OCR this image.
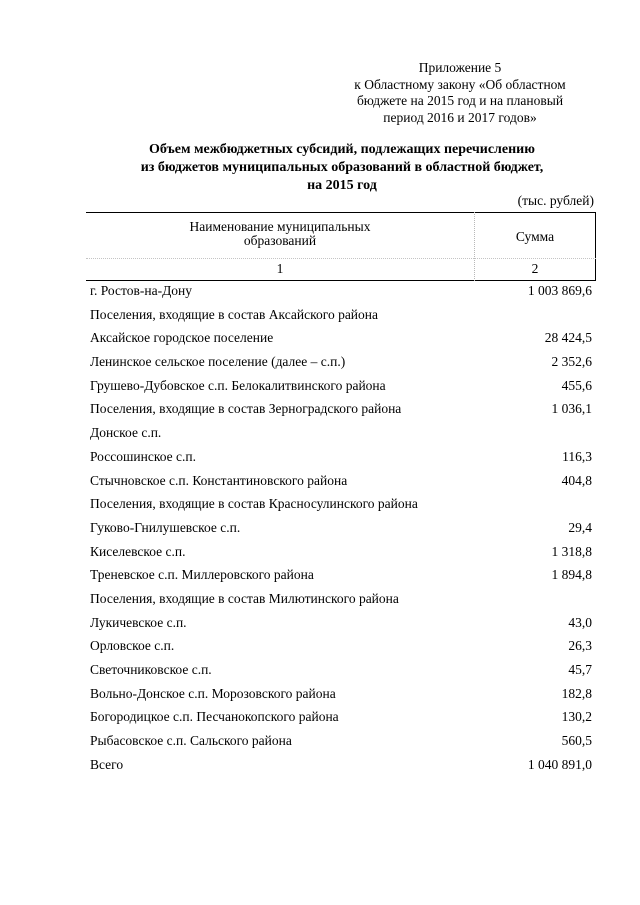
Приложение 5
к Областному закону «Об областном
бюджете на 2015 год и на плановый
период 2016 и 2017 годов»
Объем межбюджетных субсидий, подлежащих перечислению
из бюджетов муниципальных образований в областной бюджет,
на 2015 год
(тыс. рублей)
Наименование муниципальных
образований	Сумма
1	2
г. Ростов-на-Дону	1 003 869,6
Поселения, входящие в состав Аксайского района
Аксайское городское поселение	28 424,5
Ленинское сельское поселение (далее – с.п.)	2 352,6
Грушево-Дубовское с.п. Белокалитвинского района	455,6
Поселения, входящие в состав Зерноградского района	1 036,1
Донское с.п.
Россошинское с.п.	116,3
Стычновское с.п. Константиновского района	404,8
Поселения, входящие в состав Красносулинского района
Гуково-Гнилушевское с.п.	29,4
Киселевское с.п.	1 318,8
Треневское с.п. Миллеровского района	1 894,8
Поселения, входящие в состав Милютинского района
Лукичевское с.п.	43,0
Орловское с.п.	26,3
Светочниковское с.п.	45,7
Вольно-Донское с.п. Морозовского района	182,8
Богородицкое с.п. Песчанокопского района	130,2
Рыбасовское с.п. Сальского района	560,5
Всего	1 040 891,0
